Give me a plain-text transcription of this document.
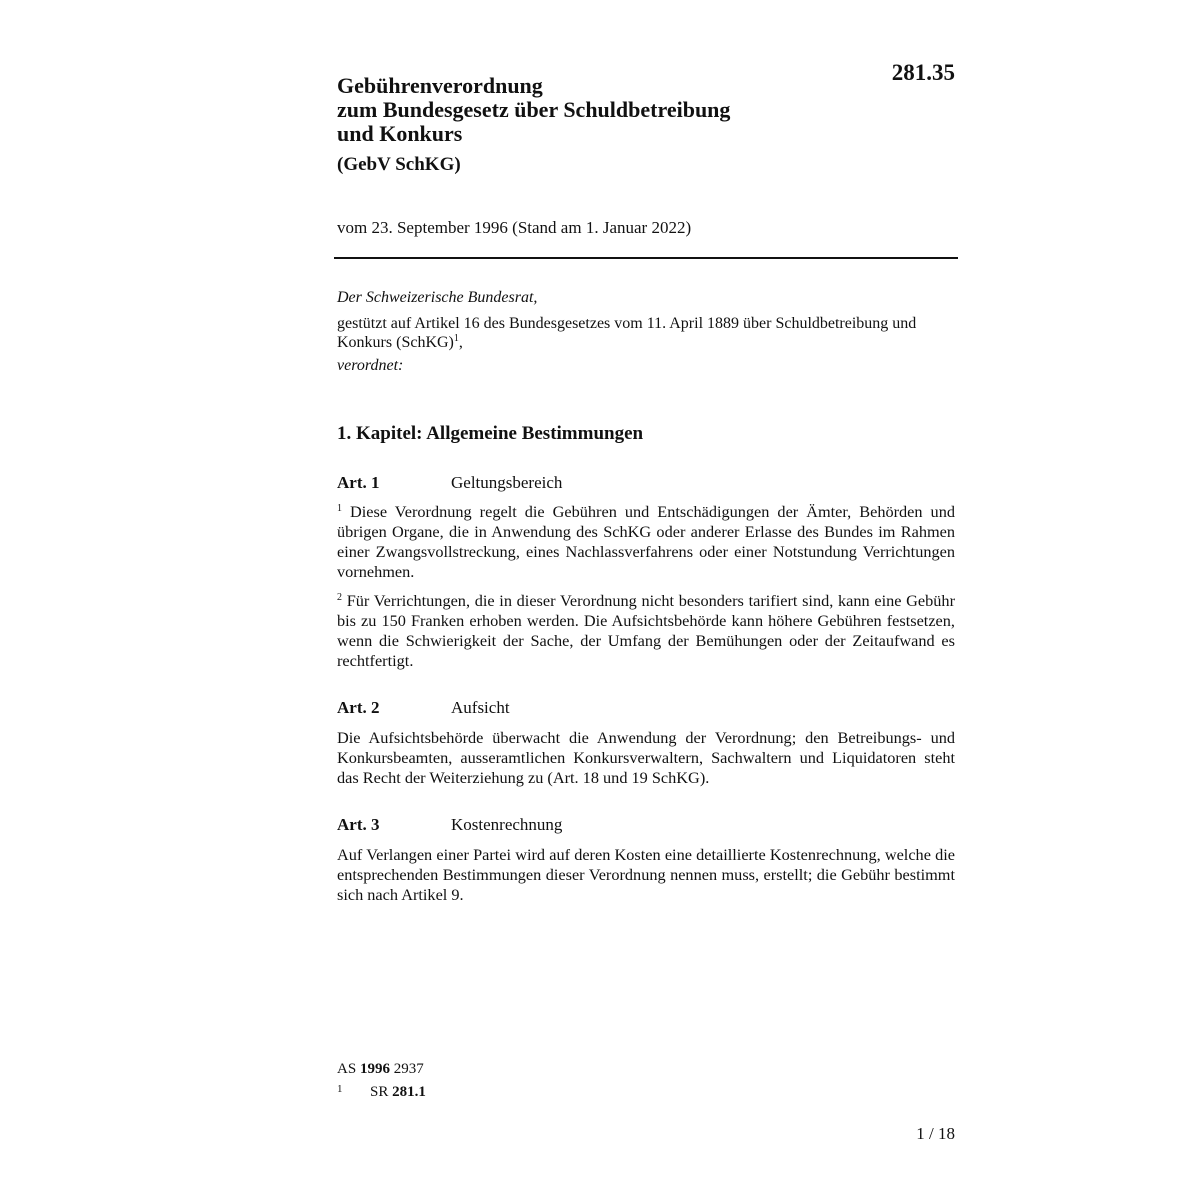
281.35
Gebührenverordnung
zum Bundesgesetz über Schuldbetreibung
und Konkurs
(GebV SchKG)
vom 23. September 1996 (Stand am 1. Januar 2022)
Der Schweizerische Bundesrat,
gestützt auf Artikel 16 des Bundesgesetzes vom 11. April 1889 über Schuldbetreibung und Konkurs (SchKG)$^1$,
verordnet:
1. Kapitel: Allgemeine Bestimmungen
Art. 1	Geltungsbereich
$^1$ Diese Verordnung regelt die Gebühren und Entschädigungen der Ämter, Behörden und übrigen Organe, die in Anwendung des SchKG oder anderer Erlasse des Bundes im Rahmen einer Zwangsvollstreckung, eines Nachlassverfahrens oder einer Notstundung Verrichtungen vornehmen.
$^2$ Für Verrichtungen, die in dieser Verordnung nicht besonders tarifiert sind, kann eine Gebühr bis zu 150 Franken erhoben werden. Die Aufsichtsbehörde kann höhere Gebühren festsetzen, wenn die Schwierigkeit der Sache, der Umfang der Bemühungen oder der Zeitaufwand es rechtfertigt.
Art. 2	Aufsicht
Die Aufsichtsbehörde überwacht die Anwendung der Verordnung; den Betreibungs- und Konkursbeamten, ausseramtlichen Konkursverwaltern, Sachwaltern und Liquidatoren steht das Recht der Weiterziehung zu (Art. 18 und 19 SchKG).
Art. 3	Kostenrechnung
Auf Verlangen einer Partei wird auf deren Kosten eine detaillierte Kostenrechnung, welche die entsprechenden Bestimmungen dieser Verordnung nennen muss, erstellt; die Gebühr bestimmt sich nach Artikel 9.
AS 1996 2937
1 SR 281.1
1 / 18
